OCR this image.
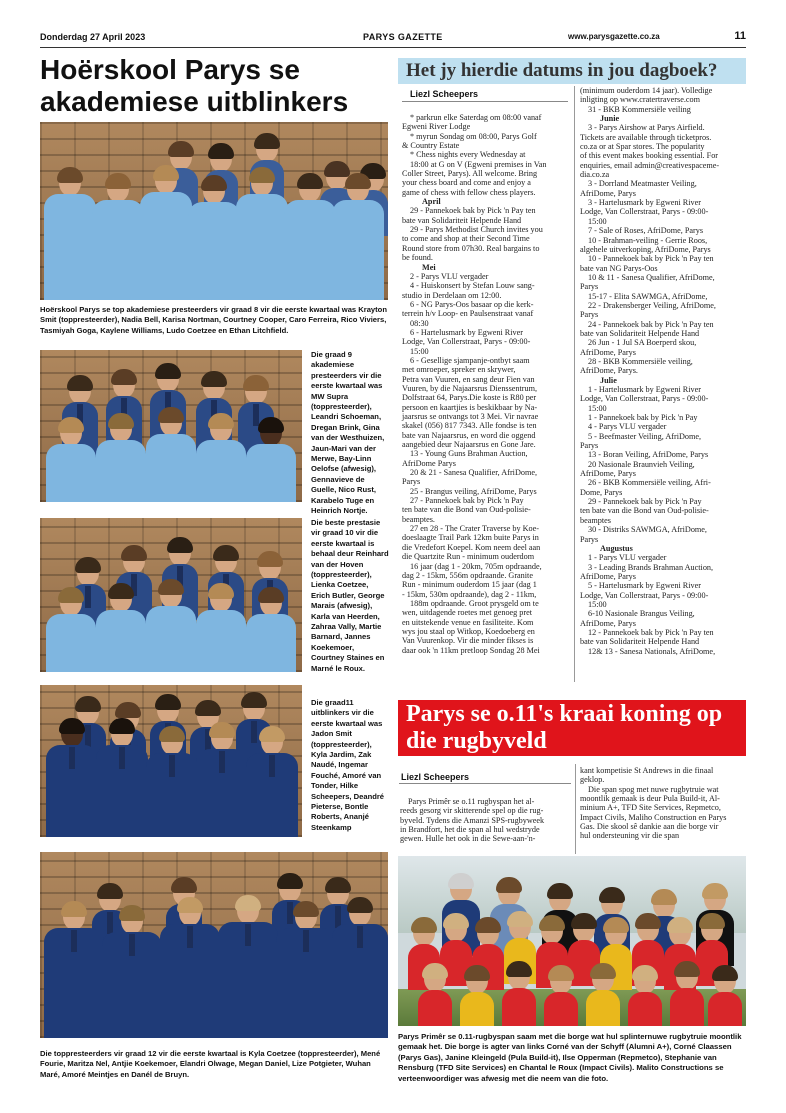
Donderdag 27 April 2023	PARYS GAZETTE	www.parysgazette.co.za	11
Hoërskool Parys se akademiese uitblinkers
Hoërskool Parys se top akademiese presteerders vir graad 8 vir die eerste kwartaal was Krayton Smit (toppresteerder), Nadia Bell, Karisa Nortman, Courtney Cooper, Caro Ferreira, Rico Viviers, Tasmiyah Goga, Kaylene Williams, Ludo Coetzee en Ethan Litchfield.
Die graad 9 akademiese presteerders vir die eerste kwartaal was MW Supra (toppresteerder), Leandri Schoeman, Dregan Brink, Gina van der Westhuizen, Jaun-Mari van der Merwe, Bay-Linn Oelofse (afwesig), Gennavieve de Guelle, Nico Rust, Karabelo Tuge en Heinrich Nortje.
Die beste prestasie vir graad 10 vir die eerste kwartaal is behaal deur Reinhard van der Hoven (toppresteerder), Lienka Coetzee, Erich Butler, George Marais (afwesig), Karla van Heerden, Zahraa Vally, Martie Barnard, Jannes Koekemoer, Courtney Staines en Marné le Roux.
Die graad11 uitblinkers vir die eerste kwartaal was Jadon Smit (toppresteerder), Kyla Jardim, Zak Naudé, Ingemar Fouché, Amoré van Tonder, Hilke Scheepers, Deandré Pieterse, Bontle Roberts, Ananjé Steenkamp
Die toppresteerders vir graad 12 vir die eerste kwartaal is Kyla Coetzee (toppresteerder), Mené Fourie, Maritza Nel, Antjie Koekemoer, Elandri Olwage, Megan Daniel, Lize Potgieter, Wuhan Maré, Amoré Meintjes en Danél de Bruyn.
Het jy hierdie datums in jou dagboek?
Liezl Scheepers
* parkrun elke Saterdag om 08:00 vanaf
Egweni River Lodge
* myrun Sondag om 08:00, Parys Golf
& Country Estate
* Chess nights every Wednesday at
18:00 at G on V (Egweni premises in Van
Coller Street, Parys). All welcome. Bring
your chess board and come and enjoy a
game of chess with fellow chess players.
April
29 - Pannekoek bak by Pick 'n Pay ten
bate van Solidariteit Helpende Hand
29 - Parys Methodist Church invites you
to come and shop at their Second Time
Round store from 07h30. Real bargains to
be found.
Mei
2 - Parys VLU vergader
4 - Huiskonsert by Stefan Louw sang-
studio in Derdelaan om 12:00.
6 - NG Parys-Oos basaar op die kerk-
terrein h/v Loop- en Paulsenstraat vanaf
08:30
6 - Hartelusmark by Egweni River
Lodge, Van Collerstraat, Parys - 09:00-
15:00
6 - Gesellige sjampanje-ontbyt saam
met omroeper, spreker en skrywer,
Petra van Vuuren, en sang deur Fien van
Vuuren, by die Najaarsrus Dienssentrum,
Dolfstraat 64, Parys.Die koste is R80 per
persoon en kaartjies is beskikbaar by Na-
jaarsrus se ontvangs tot 3 Mei. Vir navrae
skakel (056) 817 7343. Alle fondse is ten
bate van Najaarsrus, en word die oggend
aangebied deur Najaarsrus en Gone Jare.
13 - Young Guns Brahman Auction,
AfriDome Parys
20 & 21 - Sanesa Qualifier, AfriDome,
Parys
25 - Brangus veiling, AfriDome, Parys
27 - Pannekoek bak by Pick 'n Pay
ten bate van die Bond van Oud-polisie-
beamptes.
27 en 28 - The Crater Traverse by Koe-
doeslaagte Trail Park 12km buite Parys in
die Vredefort Koepel. Kom neem deel aan
die Quartzite Run - minimum ouderdom
16 jaar (dag 1 - 20km, 705m opdraande,
dag 2 - 15km, 556m opdraande. Granite
Run - minimum ouderdom 15 jaar (dag 1
- 15km, 530m opdraande), dag 2 - 11km,
188m opdraande. Groot prysgeld om te
wen, uitdagende roetes met genoeg pret
en uitstekende venue en fasiliteite. Kom
wys jou staal op Witkop, Koedoeberg en
Van Vuurenkop. Vir die minder fikses is
daar ook 'n 11km pretloop Sondag 28 Mei
(minimum ouderdom 14 jaar). Volledige
inligting op www.cratertraverse.com
31 - BKB Kommersiële veiling
Junie
3 - Parys Airshow at Parys Airfield.
Tickets are available through ticketpros.
co.za or at Spar stores. The popularity
of this event makes booking essential. For
enquiries, email admin@creativespaceme-
dia.co.za
3 - Dorrland Meatmaster Veiling,
AfriDome, Parys
3 - Hartelusmark by Egweni River
Lodge, Van Collerstraat, Parys - 09:00-
15:00
7 - Sale of Roses, AfriDome, Parys
10 - Brahman-veiling - Gerrie Roos,
algehele uitverkoping, AfriDome, Parys
10 - Pannekoek bak by Pick 'n Pay ten
bate van NG Parys-Oos
10 & 11 - Sanesa Qualifier, AfriDome,
Parys
15-17 - Elita SAWMGA, AfriDome,
22 - Drakensberger Veiling, AfriDome,
Parys
24 - Pannekoek bak by Pick 'n Pay ten
bate van Solidariteit Helpende Hand
26 Jun - 1 Jul SA Boerperd skou,
AfriDome, Parys
28 - BKB Kommersiële veiling,
AfriDome, Parys.
Julie
1 - Hartelusmark by Egweni River
Lodge, Van Collerstraat, Parys - 09:00-
15:00
1 - Pannekoek bak by Pick 'n Pay
4 - Parys VLU vergader
5 - Beefmaster Veiling, AfriDome,
Parys
13 - Boran Veiling, AfriDome, Parys
20 Nasionale Braunvieh Veiling,
AfriDome, Parys
26 - BKB Kommersiële veiling, Afri-
Dome, Parys
29 - Pannekoek bak by Pick 'n Pay
ten bate van die Bond van Oud-polisie-
beamptes
30 - Distriks SAWMGA, AfriDome,
Parys
Augustus
1 - Parys VLU vergader
3 - Leading Brands Brahman Auction,
AfriDome, Parys
5 - Hartelusmark by Egweni River
Lodge, Van Collerstraat, Parys - 09:00-
15:00
6-10 Nasionale Brangus Veiling,
AfriDome, Parys
12 - Pannekoek bak by Pick 'n Pay ten
bate van Solidariteit Helpende Hand
12& 13 - Sanesa Nationals, AfriDome,
Parys se o.11's kraai koning op die rugbyveld
Liezl Scheepers
Parys Primêr se o.11 rugbyspan het al-
reeds gesorg vir skitterende spel op die rug-
byveld. Tydens die Amanzi SPS-rugbyweek
in Brandfort, het die span al hul wedstryde
gewen. Hulle het ook in die Sewe-aan-'n-
kant kompetisie St Andrews in die finaal
geklop.
Die span spog met nuwe rugbytruie wat
moontlik gemaak is deur Pula Build-it, Al-
minium A+, TFD Site Services, Repmetco,
Impact Civils, Maliho Construction en Parys
Gas. Die skool sê dankie aan die borge vir
hul ondersteuning vir die span
Parys Primêr se 0.11-rugbyspan saam met die borge wat hul splinternuwe rugbytruie moontlik gemaak het. Die borge is agter van links Corné van der Schyff (Alumni A+), Corné Claassen (Parys Gas), Janine Kleingeld (Pula Build-it), Ilse Opperman (Repmetco), Stephanie van Rensburg (TFD Site Services) en Chantal le Roux (Impact Civils). Malito Constructions se verteenwoordiger was afwesig met die neem van die foto.
